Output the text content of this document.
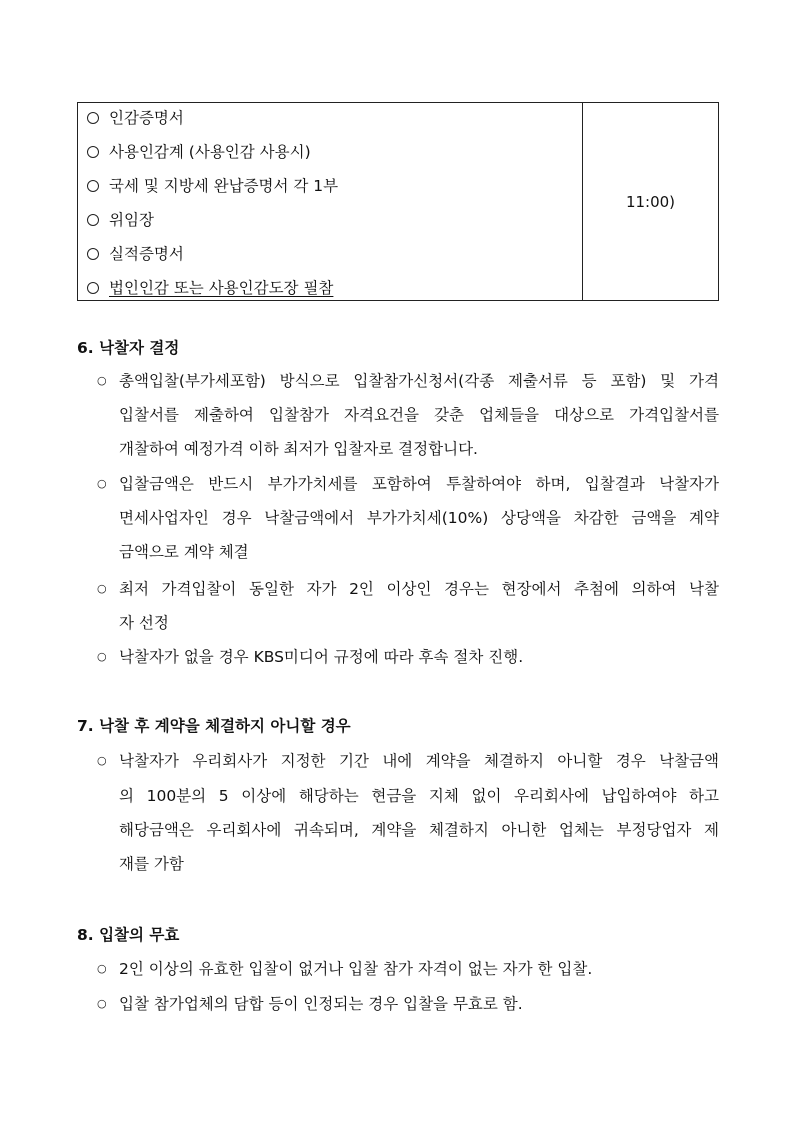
인감증명서
사용인감계 (사용인감 사용시)
국세 및 지방세 완납증명서 각 1부
위임장
실적증명서
법인인감 또는 사용인감도장 필참
11:00)
6. 낙찰자 결정
○ 총액입찰(부가세포함) 방식으로 입찰참가신청서(각종 제출서류 등 포함) 및 가격
입찰서를 제출하여 입찰참가 자격요건을 갖춘 업체들을 대상으로 가격입찰서를
개찰하여 예정가격 이하 최저가 입찰자로 결정합니다.
○ 입찰금액은 반드시 부가가치세를 포함하여 투찰하여야 하며, 입찰결과 낙찰자가
면세사업자인 경우 낙찰금액에서 부가가치세(10%) 상당액을 차감한 금액을 계약
금액으로 계약 체결
○ 최저 가격입찰이 동일한 자가 2인 이상인 경우는 현장에서 추첨에 의하여 낙찰
자 선정
○ 낙찰자가 없을 경우 KBS미디어 규정에 따라 후속 절차 진행.
7. 낙찰 후 계약을 체결하지 아니할 경우
○ 낙찰자가 우리회사가 지정한 기간 내에 계약을 체결하지 아니할 경우 낙찰금액
의 100분의 5 이상에 해당하는 현금을 지체 없이 우리회사에 납입하여야 하고
해당금액은 우리회사에 귀속되며, 계약을 체결하지 아니한 업체는 부정당업자 제
재를 가함
8. 입찰의 무효
○ 2인 이상의 유효한 입찰이 없거나 입찰 참가 자격이 없는 자가 한 입찰.
○ 입찰 참가업체의 담합 등이 인정되는 경우 입찰을 무효로 함.
